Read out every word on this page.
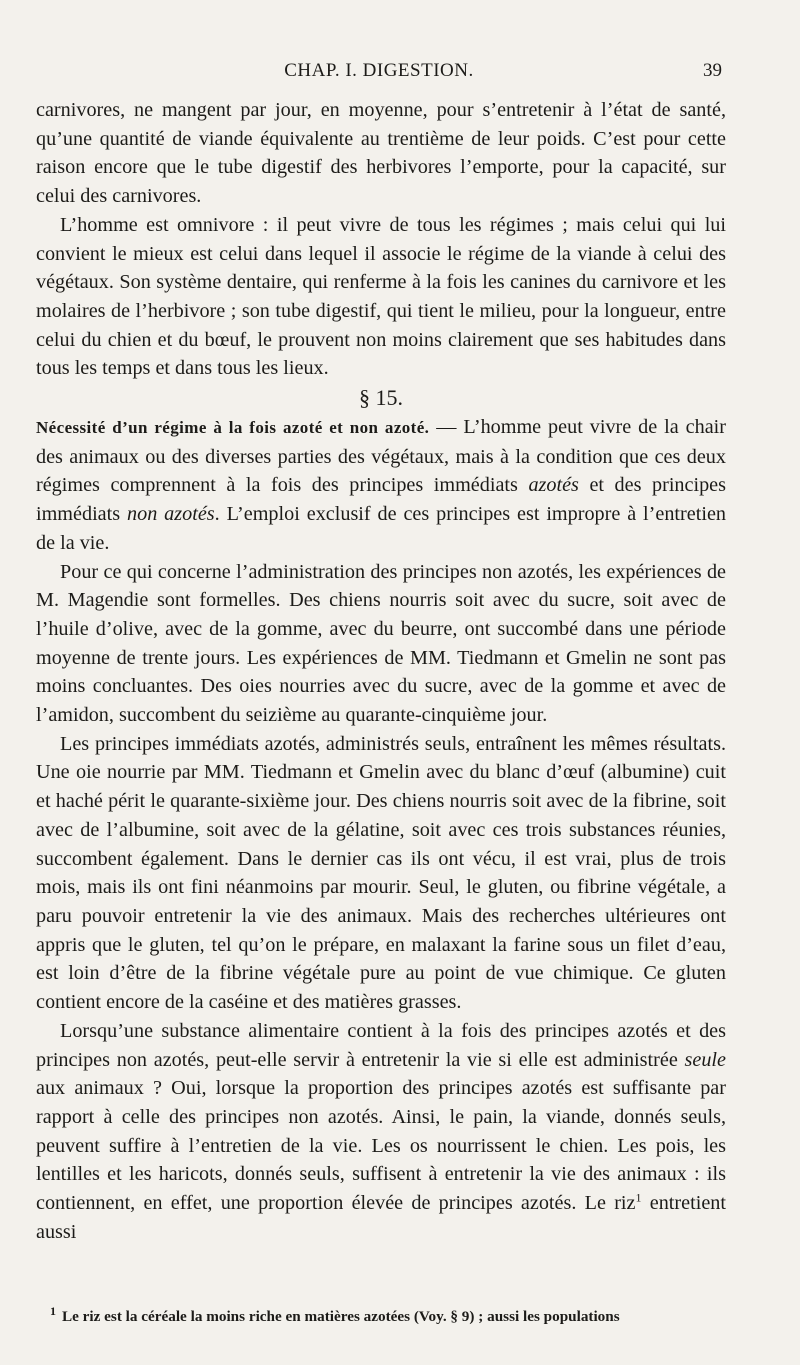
CHAP. I. DIGESTION.	39

carnivores, ne mangent par jour, en moyenne, pour s’entretenir à l’état de santé, qu’une quantité de viande équivalente au trentième de leur poids. C’est pour cette raison encore que le tube digestif des herbivores l’emporte, pour la capacité, sur celui des carnivores.

L’homme est omnivore : il peut vivre de tous les régimes ; mais celui qui lui convient le mieux est celui dans lequel il associe le régime de la viande à celui des végétaux. Son système dentaire, qui renferme à la fois les canines du carnivore et les molaires de l’herbivore ; son tube digestif, qui tient le milieu, pour la longueur, entre celui du chien et du bœuf, le prouvent non moins clairement que ses habitudes dans tous les temps et dans tous les lieux.

§ 15.

Nécessité d’un régime à la fois azoté et non azoté. — L’homme peut vivre de la chair des animaux ou des diverses parties des végétaux, mais à la condition que ces deux régimes comprennent à la fois des principes immédiats azotés et des principes immédiats non azotés. L’emploi exclusif de ces principes est impropre à l’entretien de la vie.

Pour ce qui concerne l’administration des principes non azotés, les expériences de M. Magendie sont formelles. Des chiens nourris soit avec du sucre, soit avec de l’huile d’olive, avec de la gomme, avec du beurre, ont succombé dans une période moyenne de trente jours. Les expériences de MM. Tiedmann et Gmelin ne sont pas moins concluantes. Des oies nourries avec du sucre, avec de la gomme et avec de l’amidon, succombent du seizième au quarante-cinquième jour.

Les principes immédiats azotés, administrés seuls, entraînent les mêmes résultats. Une oie nourrie par MM. Tiedmann et Gmelin avec du blanc d’œuf (albumine) cuit et haché périt le quarante-sixième jour. Des chiens nourris soit avec de la fibrine, soit avec de l’albumine, soit avec de la gélatine, soit avec ces trois substances réunies, succombent également. Dans le dernier cas ils ont vécu, il est vrai, plus de trois mois, mais ils ont fini néanmoins par mourir. Seul, le gluten, ou fibrine végétale, a paru pouvoir entretenir la vie des animaux. Mais des recherches ultérieures ont appris que le gluten, tel qu’on le prépare, en malaxant la farine sous un filet d’eau, est loin d’être de la fibrine végétale pure au point de vue chimique. Ce gluten contient encore de la caséine et des matières grasses.

Lorsqu’une substance alimentaire contient à la fois des principes azotés et des principes non azotés, peut-elle servir à entretenir la vie si elle est administrée seule aux animaux ? Oui, lorsque la proportion des principes azotés est suffisante par rapport à celle des principes non azotés. Ainsi, le pain, la viande, donnés seuls, peuvent suffire à l’entretien de la vie. Les os nourrissent le chien. Les pois, les lentilles et les haricots, donnés seuls, suffisent à entretenir la vie des animaux : ils contiennent, en effet, une proportion élevée de principes azotés. Le riz$^1$ entretient aussi

$^1$ Le riz est la céréale la moins riche en matières azotées (Voy. § 9) ; aussi les populations
